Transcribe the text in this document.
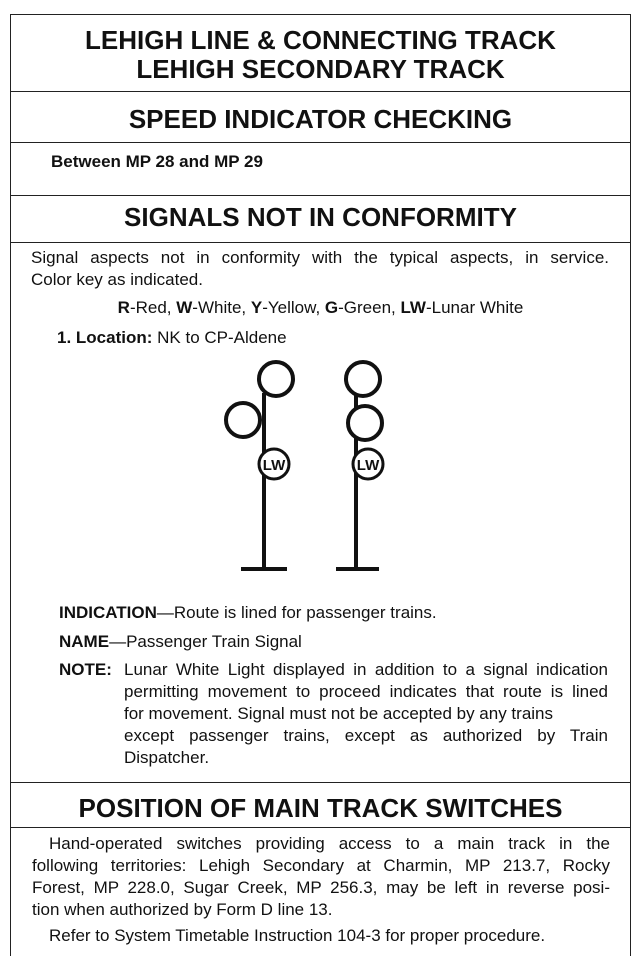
LEHIGH LINE & CONNECTING TRACK
LEHIGH SECONDARY TRACK
SPEED INDICATOR CHECKING
Between MP 28 and MP 29
SIGNALS NOT IN CONFORMITY
Signal aspects not in conformity with the typical aspects, in service.
Color key as indicated.
R-Red, W-White, Y-Yellow, G-Green, LW-Lunar White
1. Location: NK to CP-Aldene
LW	LW
INDICATION—Route is lined for passenger trains.
NAME—Passenger Train Signal
NOTE: Lunar White Light displayed in addition to a signal indication
permitting movement to proceed indicates that route is lined
for movement. Signal must not be accepted by any trains
except passenger trains, except as authorized by Train
Dispatcher.
POSITION OF MAIN TRACK SWITCHES
Hand-operated switches providing access to a main track in the
following territories: Lehigh Secondary at Charmin, MP 213.7, Rocky
Forest, MP 228.0, Sugar Creek, MP 256.3, may be left in reverse posi-
tion when authorized by Form D line 13.
Refer to System Timetable Instruction 104-3 for proper procedure.
